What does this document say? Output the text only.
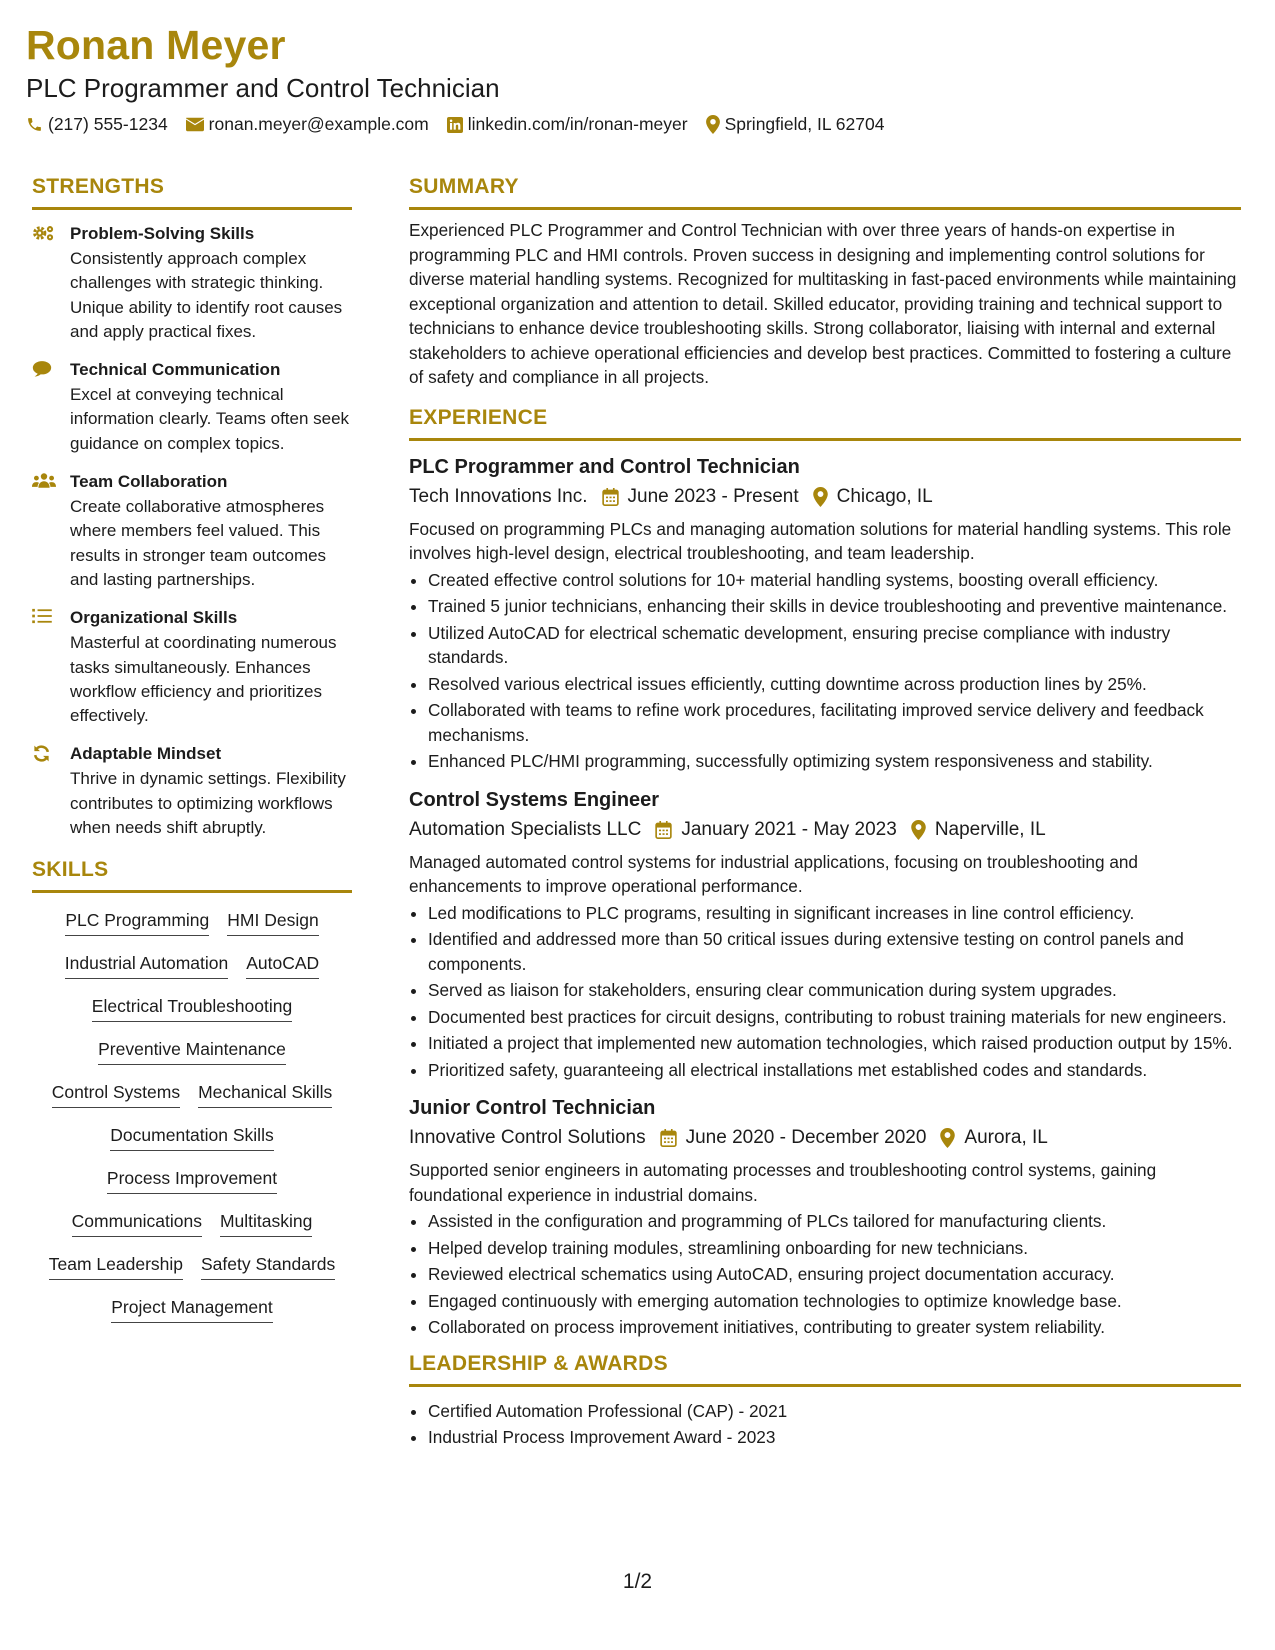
Ronan Meyer
PLC Programmer and Control Technician
(217) 555-1234 ronan.meyer@example.com linkedin.com/in/ronan-meyer Springfield, IL 62704
STRENGTHS
Problem-Solving Skills
Consistently approach complex challenges with strategic thinking. Unique ability to identify root causes and apply practical fixes.
Technical Communication
Excel at conveying technical information clearly. Teams often seek guidance on complex topics.
Team Collaboration
Create collaborative atmospheres where members feel valued. This results in stronger team outcomes and lasting partnerships.
Organizational Skills
Masterful at coordinating numerous tasks simultaneously. Enhances workflow efficiency and prioritizes effectively.
Adaptable Mindset
Thrive in dynamic settings. Flexibility contributes to optimizing workflows when needs shift abruptly.
SKILLS
PLC Programming HMI Design
Industrial Automation AutoCAD
Electrical Troubleshooting
Preventive Maintenance
Control Systems Mechanical Skills
Documentation Skills
Process Improvement
Communications Multitasking
Team Leadership Safety Standards
Project Management
SUMMARY
Experienced PLC Programmer and Control Technician with over three years of hands-on expertise in programming PLC and HMI controls. Proven success in designing and implementing control solutions for diverse material handling systems. Recognized for multitasking in fast-paced environments while maintaining exceptional organization and attention to detail. Skilled educator, providing training and technical support to technicians to enhance device troubleshooting skills. Strong collaborator, liaising with internal and external stakeholders to achieve operational efficiencies and develop best practices. Committed to fostering a culture of safety and compliance in all projects.
EXPERIENCE
PLC Programmer and Control Technician
Tech Innovations Inc. June 2023 - Present Chicago, IL
Focused on programming PLCs and managing automation solutions for material handling systems. This role involves high-level design, electrical troubleshooting, and team leadership.
• Created effective control solutions for 10+ material handling systems, boosting overall efficiency.
• Trained 5 junior technicians, enhancing their skills in device troubleshooting and preventive maintenance.
• Utilized AutoCAD for electrical schematic development, ensuring precise compliance with industry standards.
• Resolved various electrical issues efficiently, cutting downtime across production lines by 25%.
• Collaborated with teams to refine work procedures, facilitating improved service delivery and feedback mechanisms.
• Enhanced PLC/HMI programming, successfully optimizing system responsiveness and stability.
Control Systems Engineer
Automation Specialists LLC January 2021 - May 2023 Naperville, IL
Managed automated control systems for industrial applications, focusing on troubleshooting and enhancements to improve operational performance.
• Led modifications to PLC programs, resulting in significant increases in line control efficiency.
• Identified and addressed more than 50 critical issues during extensive testing on control panels and components.
• Served as liaison for stakeholders, ensuring clear communication during system upgrades.
• Documented best practices for circuit designs, contributing to robust training materials for new engineers.
• Initiated a project that implemented new automation technologies, which raised production output by 15%.
• Prioritized safety, guaranteeing all electrical installations met established codes and standards.
Junior Control Technician
Innovative Control Solutions June 2020 - December 2020 Aurora, IL
Supported senior engineers in automating processes and troubleshooting control systems, gaining foundational experience in industrial domains.
• Assisted in the configuration and programming of PLCs tailored for manufacturing clients.
• Helped develop training modules, streamlining onboarding for new technicians.
• Reviewed electrical schematics using AutoCAD, ensuring project documentation accuracy.
• Engaged continuously with emerging automation technologies to optimize knowledge base.
• Collaborated on process improvement initiatives, contributing to greater system reliability.
LEADERSHIP & AWARDS
• Certified Automation Professional (CAP) - 2021
• Industrial Process Improvement Award - 2023
1/2
